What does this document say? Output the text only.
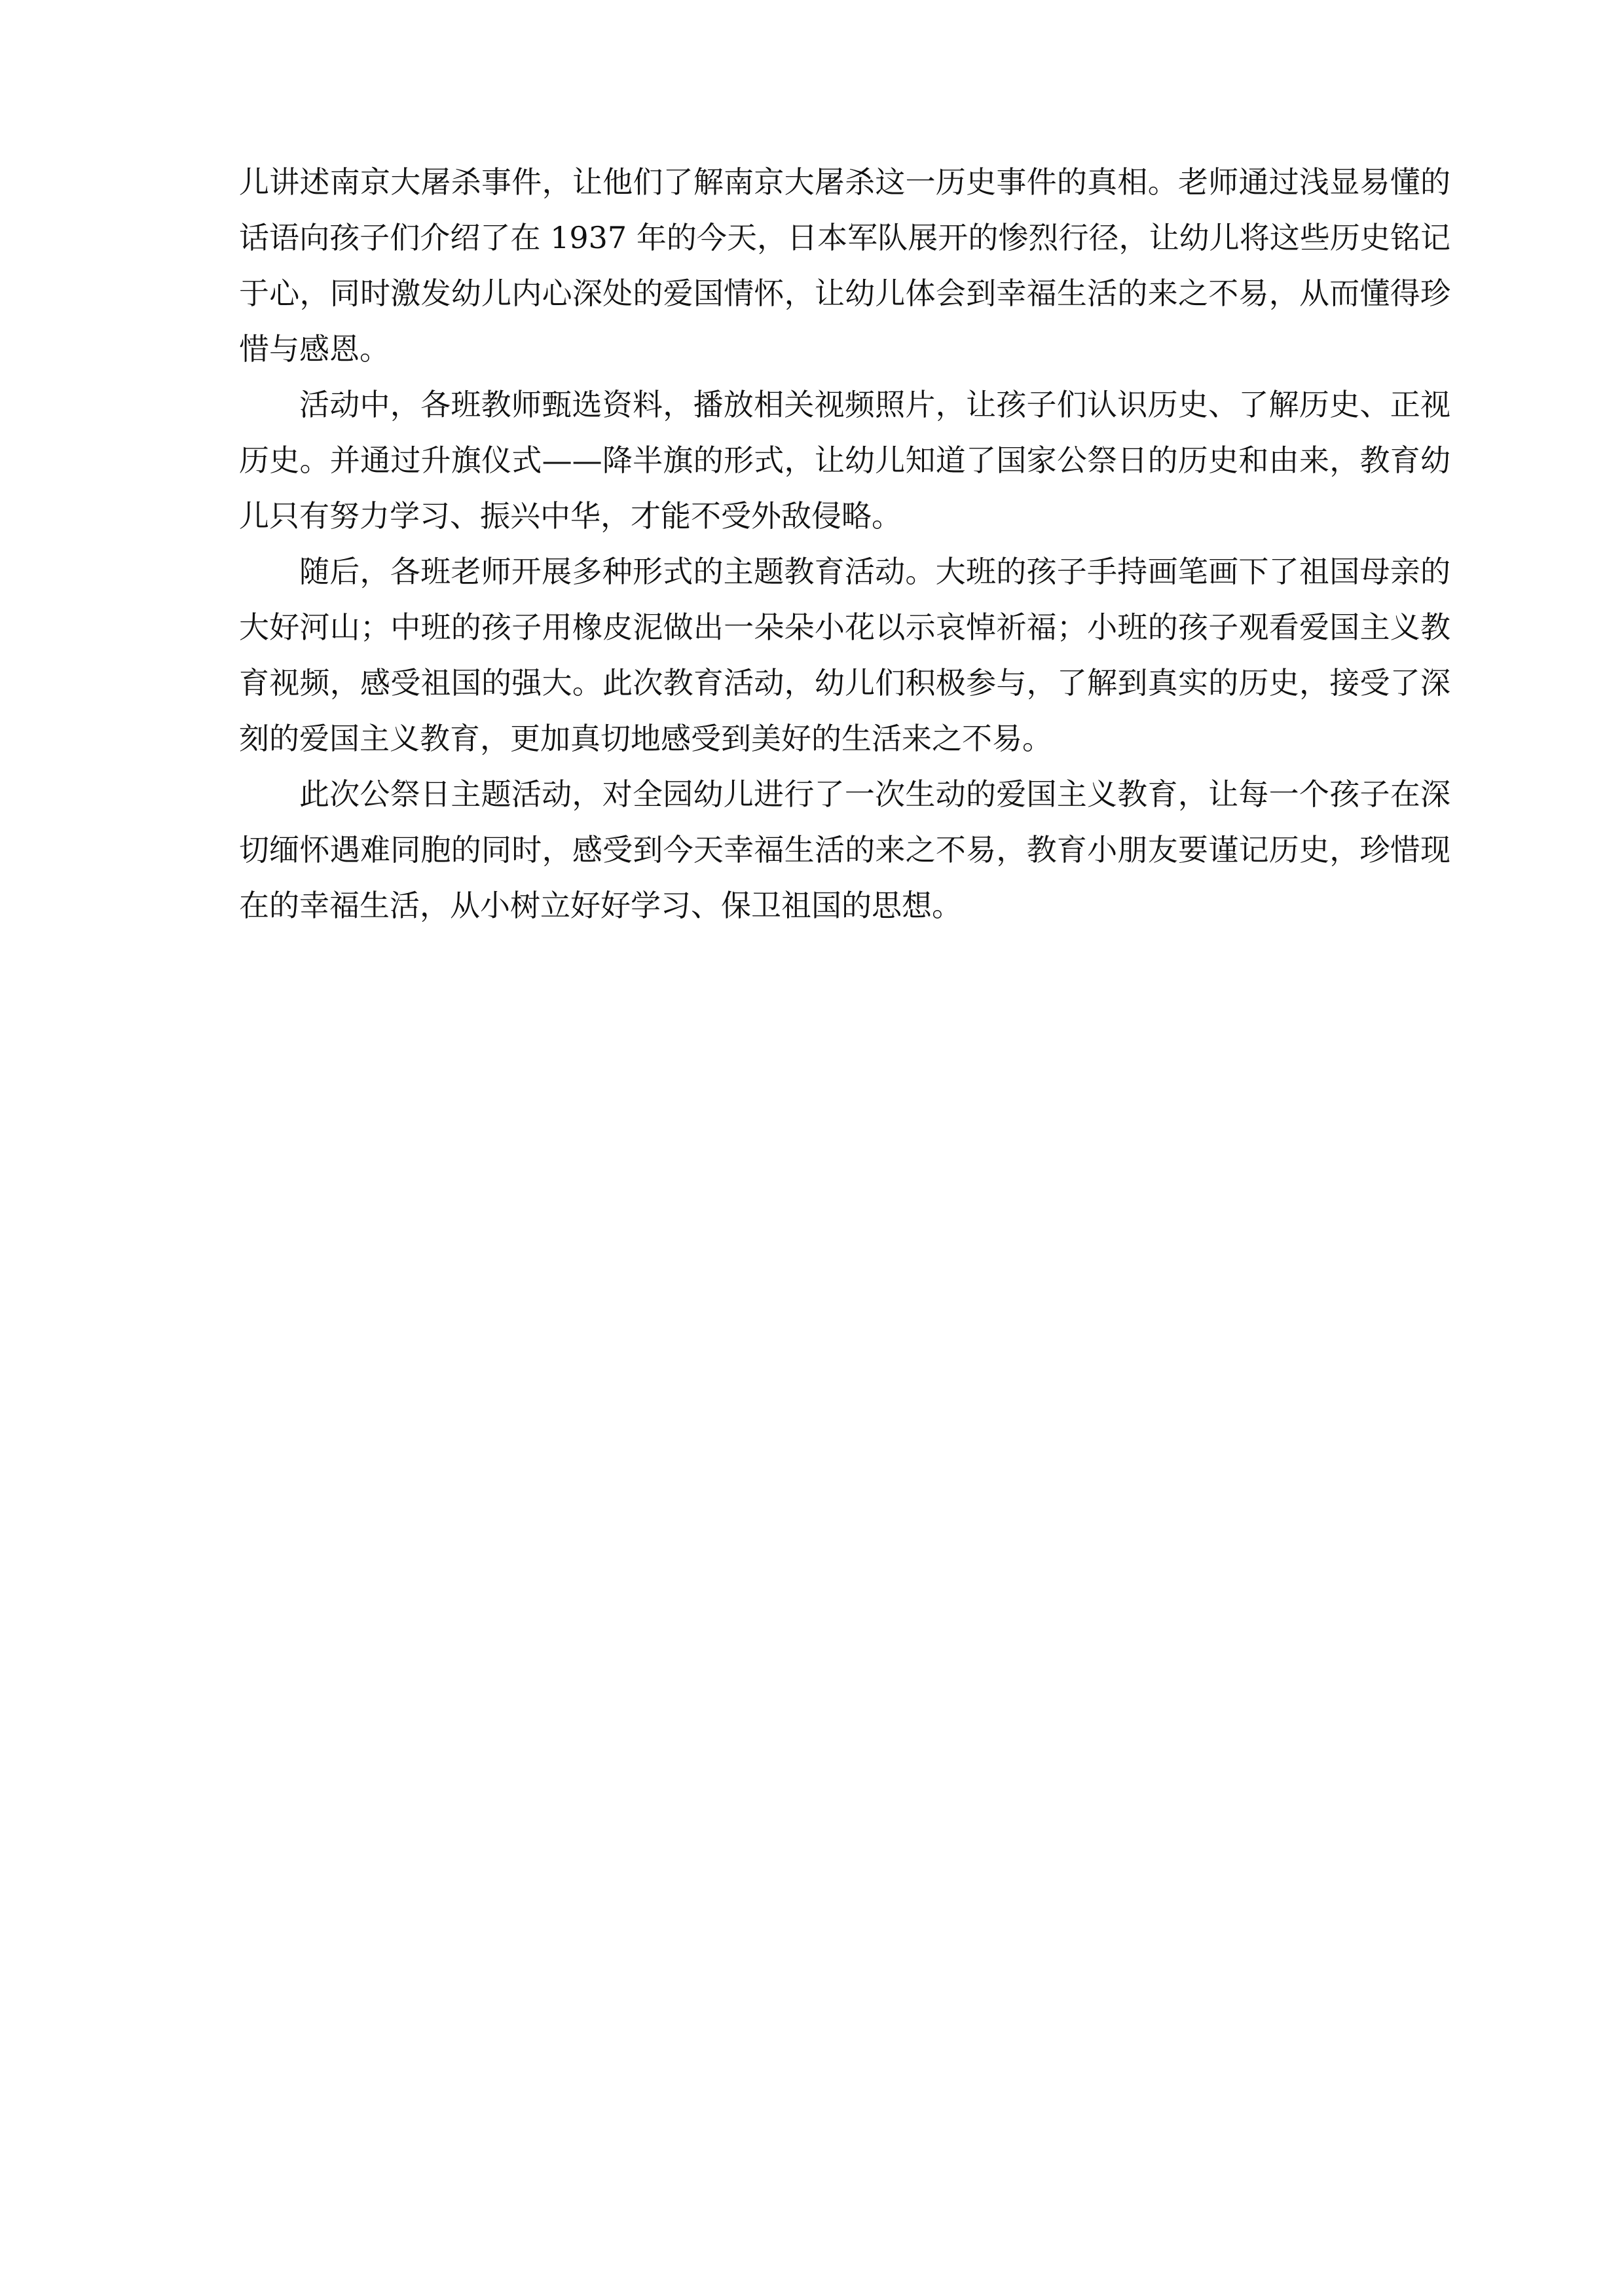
儿讲述南京大屠杀事件，让他们了解南京大屠杀这一历史事件的真相。老师通过浅显易懂的话语向孩子们介绍了在 1937 年的今天，日本军队展开的惨烈行径，让幼儿将这些历史铭记于心，同时激发幼儿内心深处的爱国情怀，让幼儿体会到幸福生活的来之不易，从而懂得珍惜与感恩。

活动中，各班教师甄选资料，播放相关视频照片，让孩子们认识历史、了解历史、正视历史。并通过升旗仪式——降半旗的形式，让幼儿知道了国家公祭日的历史和由来，教育幼儿只有努力学习、振兴中华，才能不受外敌侵略。

随后，各班老师开展多种形式的主题教育活动。大班的孩子手持画笔画下了祖国母亲的大好河山；中班的孩子用橡皮泥做出一朵朵小花以示哀悼祈福；小班的孩子观看爱国主义教育视频，感受祖国的强大。此次教育活动，幼儿们积极参与，了解到真实的历史，接受了深刻的爱国主义教育，更加真切地感受到美好的生活来之不易。

此次公祭日主题活动，对全园幼儿进行了一次生动的爱国主义教育，让每一个孩子在深切缅怀遇难同胞的同时，感受到今天幸福生活的来之不易，教育小朋友要谨记历史，珍惜现在的幸福生活，从小树立好好学习、保卫祖国的思想。
